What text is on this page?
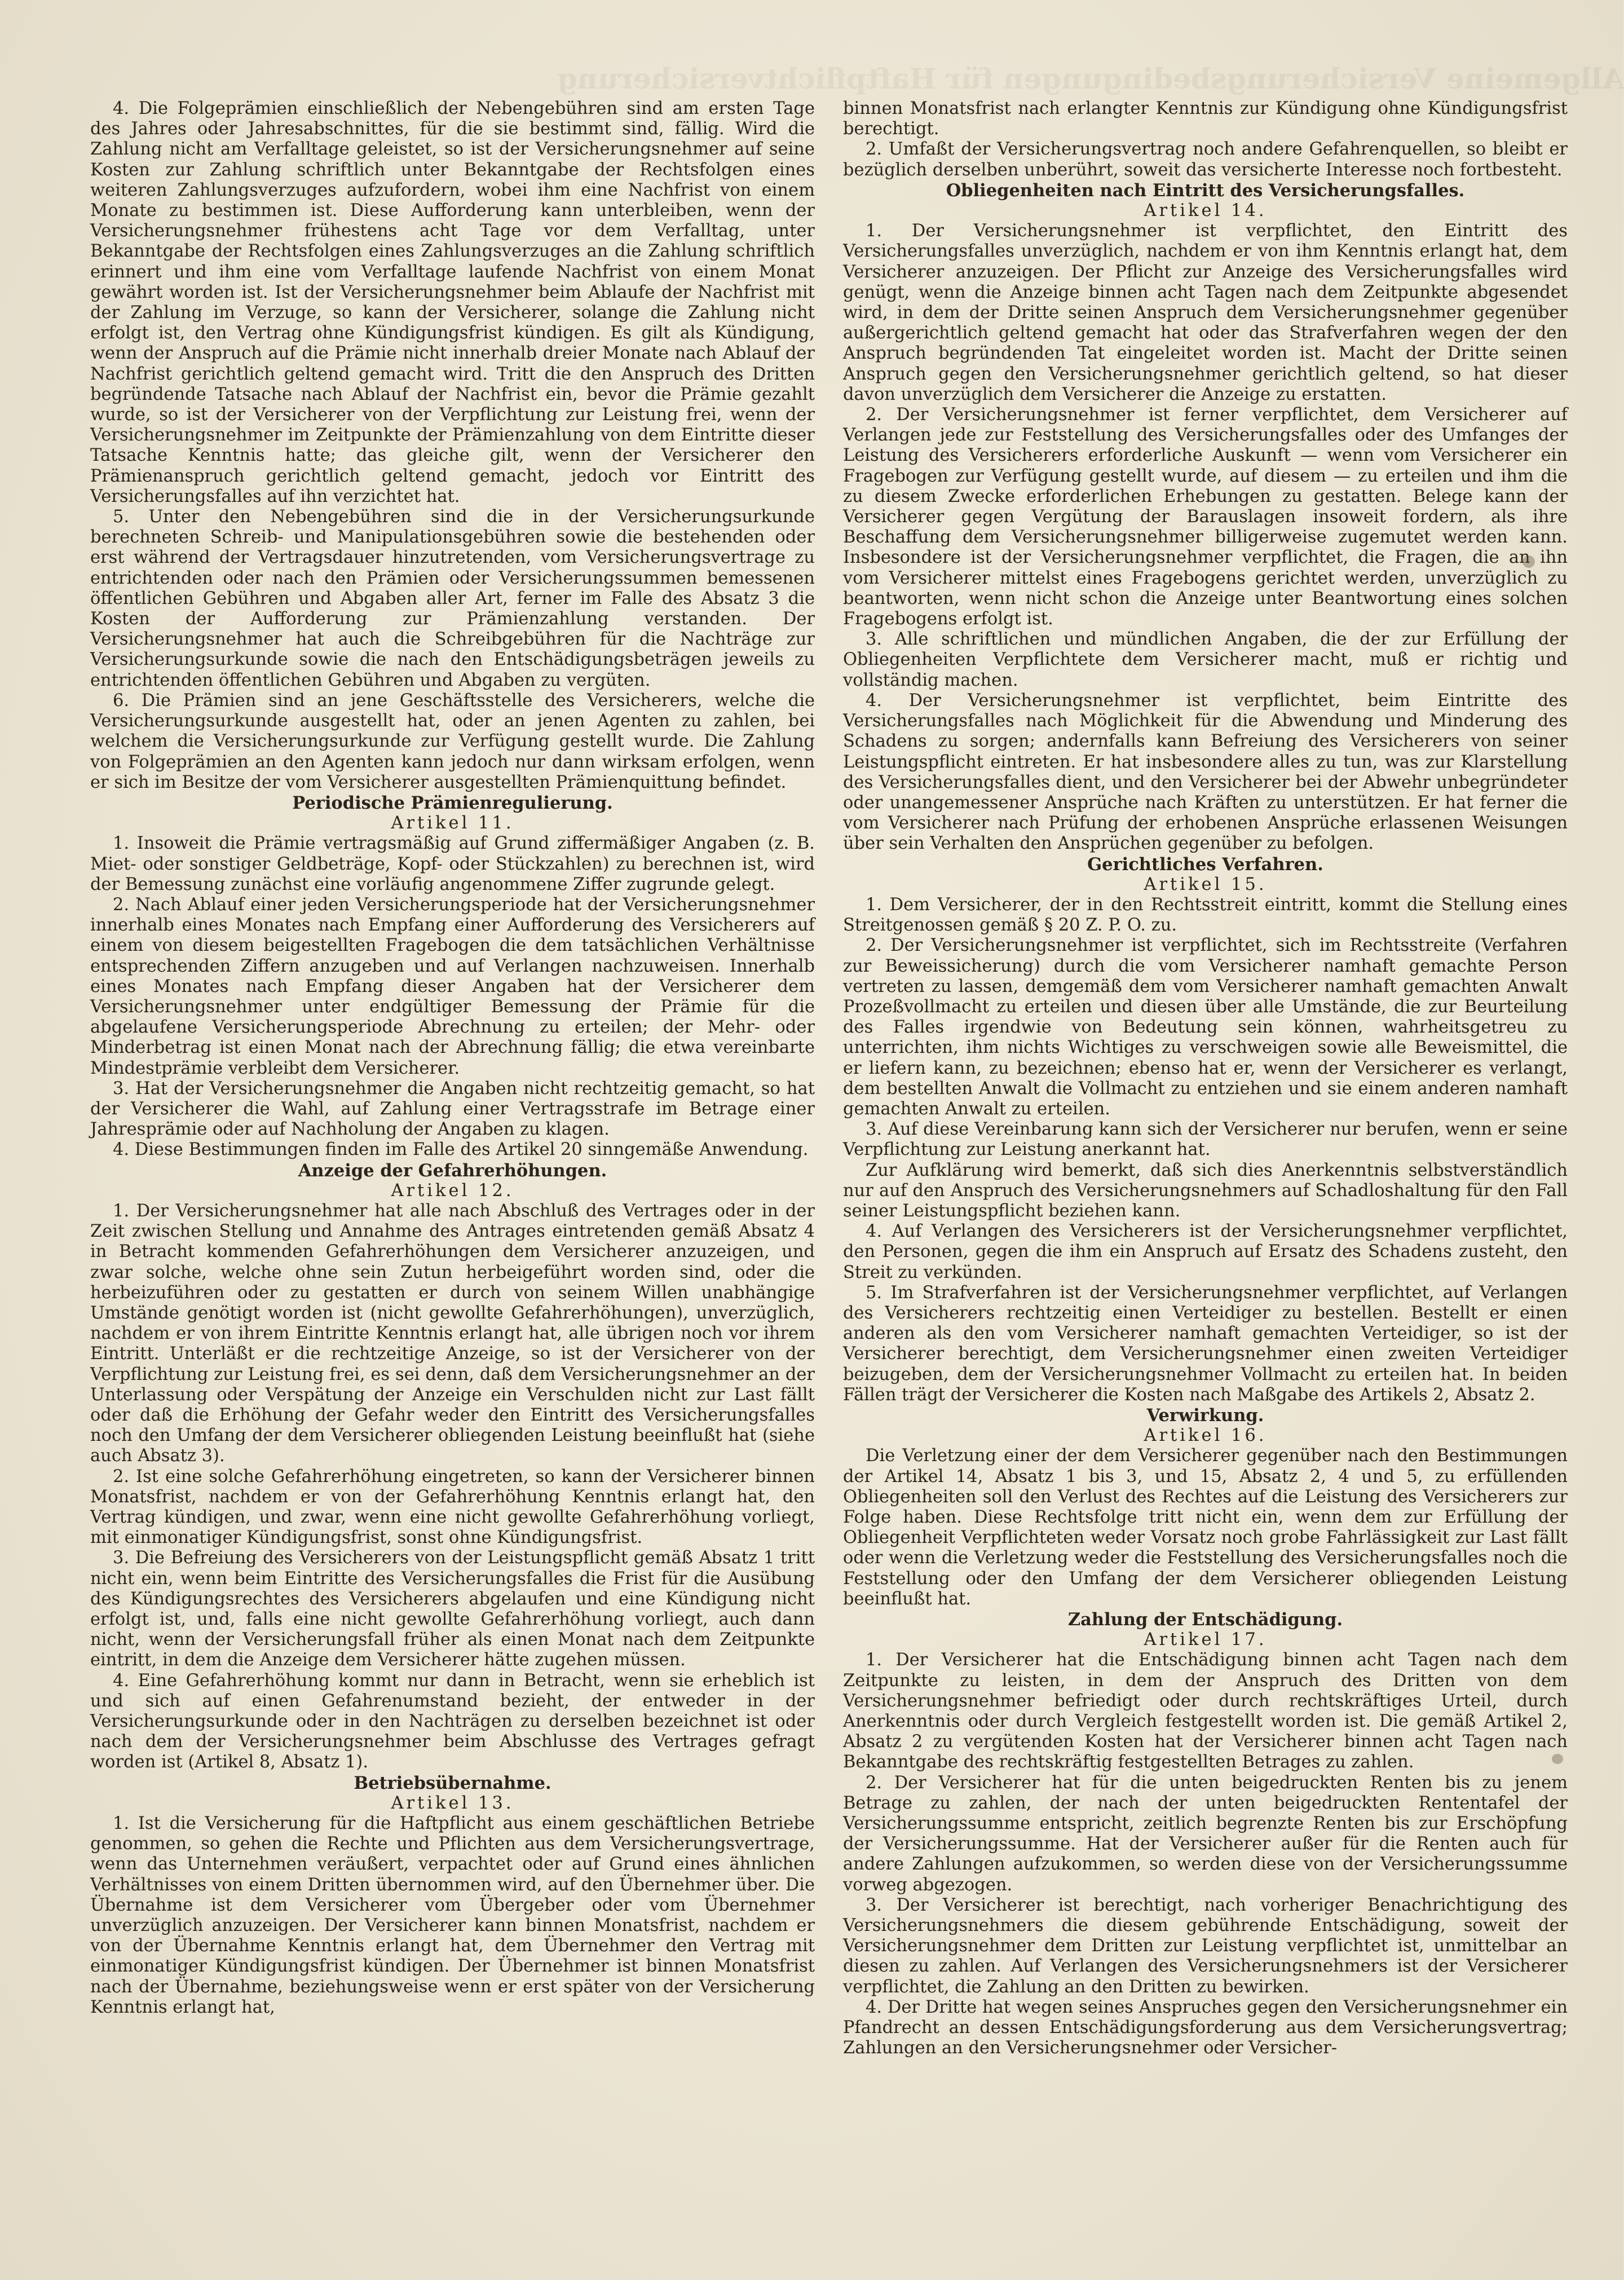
Allgemeine Versicherungsbedingungen für Haftpflichtversicherung

4. Die Folgeprämien einschließlich der Nebengebühren sind am ersten Tage des Jahres oder Jahresabschnittes, für die sie bestimmt sind, fällig. Wird die Zahlung nicht am Verfalltage geleistet, so ist der Versicherungsnehmer auf seine Kosten zur Zahlung schriftlich unter Bekanntgabe der Rechtsfolgen eines weiteren Zahlungsverzuges aufzufordern, wobei ihm eine Nachfrist von einem Monate zu bestimmen ist. Diese Aufforderung kann unterbleiben, wenn der Versicherungsnehmer frühestens acht Tage vor dem Verfalltag, unter Bekanntgabe der Rechtsfolgen eines Zahlungsverzuges an die Zahlung schriftlich erinnert und ihm eine vom Verfalltage laufende Nachfrist von einem Monat gewährt worden ist. Ist der Versicherungsnehmer beim Ablaufe der Nachfrist mit der Zahlung im Verzuge, so kann der Versicherer, solange die Zahlung nicht erfolgt ist, den Vertrag ohne Kündigungsfrist kündigen. Es gilt als Kündigung, wenn der Anspruch auf die Prämie nicht innerhalb dreier Monate nach Ablauf der Nachfrist gerichtlich geltend gemacht wird. Tritt die den Anspruch des Dritten begründende Tatsache nach Ablauf der Nachfrist ein, bevor die Prämie gezahlt wurde, so ist der Versicherer von der Verpflichtung zur Leistung frei, wenn der Versicherungsnehmer im Zeitpunkte der Prämienzahlung von dem Eintritte dieser Tatsache Kenntnis hatte; das gleiche gilt, wenn der Versicherer den Prämienanspruch gerichtlich geltend gemacht, jedoch vor Eintritt des Versicherungsfalles auf ihn verzichtet hat.

5. Unter den Nebengebühren sind die in der Versicherungsurkunde berechneten Schreib- und Manipulationsgebühren sowie die bestehenden oder erst während der Vertragsdauer hinzutretenden, vom Versicherungsvertrage zu entrichtenden oder nach den Prämien oder Versicherungssummen bemessenen öffentlichen Gebühren und Abgaben aller Art, ferner im Falle des Absatz 3 die Kosten der Aufforderung zur Prämienzahlung verstanden. Der Versicherungsnehmer hat auch die Schreibgebühren für die Nachträge zur Versicherungsurkunde sowie die nach den Entschädigungsbeträgen jeweils zu entrichtenden öffentlichen Gebühren und Abgaben zu vergüten.

6. Die Prämien sind an jene Geschäftsstelle des Versicherers, welche die Versicherungsurkunde ausgestellt hat, oder an jenen Agenten zu zahlen, bei welchem die Versicherungsurkunde zur Verfügung gestellt wurde. Die Zahlung von Folgeprämien an den Agenten kann jedoch nur dann wirksam erfolgen, wenn er sich im Besitze der vom Versicherer ausgestellten Prämienquittung befindet.

Periodische Prämienregulierung.
Artikel 11.

1. Insoweit die Prämie vertragsmäßig auf Grund ziffermäßiger Angaben (z. B. Miet- oder sonstiger Geldbeträge, Kopf- oder Stückzahlen) zu berechnen ist, wird der Bemessung zunächst eine vorläufig angenommene Ziffer zugrunde gelegt.

2. Nach Ablauf einer jeden Versicherungsperiode hat der Versicherungsnehmer innerhalb eines Monates nach Empfang einer Aufforderung des Versicherers auf einem von diesem beigestellten Fragebogen die dem tatsächlichen Verhältnisse entsprechenden Ziffern anzugeben und auf Verlangen nachzuweisen. Innerhalb eines Monates nach Empfang dieser Angaben hat der Versicherer dem Versicherungsnehmer unter endgültiger Bemessung der Prämie für die abgelaufene Versicherungsperiode Abrechnung zu erteilen; der Mehr- oder Minderbetrag ist einen Monat nach der Abrechnung fällig; die etwa vereinbarte Mindestprämie verbleibt dem Versicherer.

3. Hat der Versicherungsnehmer die Angaben nicht rechtzeitig gemacht, so hat der Versicherer die Wahl, auf Zahlung einer Vertragsstrafe im Betrage einer Jahresprämie oder auf Nachholung der Angaben zu klagen.

4. Diese Bestimmungen finden im Falle des Artikel 20 sinngemäße Anwendung.

Anzeige der Gefahrerhöhungen.
Artikel 12.

1. Der Versicherungsnehmer hat alle nach Abschluß des Vertrages oder in der Zeit zwischen Stellung und Annahme des Antrages eintretenden gemäß Absatz 4 in Betracht kommenden Gefahrerhöhungen dem Versicherer anzuzeigen, und zwar solche, welche ohne sein Zutun herbeigeführt worden sind, oder die herbeizuführen oder zu gestatten er durch von seinem Willen unabhängige Umstände genötigt worden ist (nicht gewollte Gefahrerhöhungen), unverzüglich, nachdem er von ihrem Eintritte Kenntnis erlangt hat, alle übrigen noch vor ihrem Eintritt. Unterläßt er die rechtzeitige Anzeige, so ist der Versicherer von der Verpflichtung zur Leistung frei, es sei denn, daß dem Versicherungsnehmer an der Unterlassung oder Verspätung der Anzeige ein Verschulden nicht zur Last fällt oder daß die Erhöhung der Gefahr weder den Eintritt des Versicherungsfalles noch den Umfang der dem Versicherer obliegenden Leistung beeinflußt hat (siehe auch Absatz 3).

2. Ist eine solche Gefahrerhöhung eingetreten, so kann der Versicherer binnen Monatsfrist, nachdem er von der Gefahrerhöhung Kenntnis erlangt hat, den Vertrag kündigen, und zwar, wenn eine nicht gewollte Gefahrerhöhung vorliegt, mit einmonatiger Kündigungsfrist, sonst ohne Kündigungsfrist.

3. Die Befreiung des Versicherers von der Leistungspflicht gemäß Absatz 1 tritt nicht ein, wenn beim Eintritte des Versicherungsfalles die Frist für die Ausübung des Kündigungsrechtes des Versicherers abgelaufen und eine Kündigung nicht erfolgt ist, und, falls eine nicht gewollte Gefahrerhöhung vorliegt, auch dann nicht, wenn der Versicherungsfall früher als einen Monat nach dem Zeitpunkte eintritt, in dem die Anzeige dem Versicherer hätte zugehen müssen.

4. Eine Gefahrerhöhung kommt nur dann in Betracht, wenn sie erheblich ist und sich auf einen Gefahrenumstand bezieht, der entweder in der Versicherungsurkunde oder in den Nachträgen zu derselben bezeichnet ist oder nach dem der Versicherungsnehmer beim Abschlusse des Vertrages gefragt worden ist (Artikel 8, Absatz 1).

Betriebsübernahme.
Artikel 13.

1. Ist die Versicherung für die Haftpflicht aus einem geschäftlichen Betriebe genommen, so gehen die Rechte und Pflichten aus dem Versicherungsvertrage, wenn das Unternehmen veräußert, verpachtet oder auf Grund eines ähnlichen Verhältnisses von einem Dritten übernommen wird, auf den Übernehmer über. Die Übernahme ist dem Versicherer vom Übergeber oder vom Übernehmer unverzüglich anzuzeigen. Der Versicherer kann binnen Monatsfrist, nachdem er von der Übernahme Kenntnis erlangt hat, dem Übernehmer den Vertrag mit einmonatiger Kündigungsfrist kündigen. Der Übernehmer ist binnen Monatsfrist nach der Übernahme, beziehungsweise wenn er erst später von der Versicherung Kenntnis erlangt hat,

binnen Monatsfrist nach erlangter Kenntnis zur Kündigung ohne Kündigungsfrist berechtigt.

2. Umfaßt der Versicherungsvertrag noch andere Gefahrenquellen, so bleibt er bezüglich derselben unberührt, soweit das versicherte Interesse noch fortbesteht.

Obliegenheiten nach Eintritt des Versicherungsfalles.
Artikel 14.

1. Der Versicherungsnehmer ist verpflichtet, den Eintritt des Versicherungsfalles unverzüglich, nachdem er von ihm Kenntnis erlangt hat, dem Versicherer anzuzeigen. Der Pflicht zur Anzeige des Versicherungsfalles wird genügt, wenn die Anzeige binnen acht Tagen nach dem Zeitpunkte abgesendet wird, in dem der Dritte seinen Anspruch dem Versicherungsnehmer gegenüber außergerichtlich geltend gemacht hat oder das Strafverfahren wegen der den Anspruch begründenden Tat eingeleitet worden ist. Macht der Dritte seinen Anspruch gegen den Versicherungsnehmer gerichtlich geltend, so hat dieser davon unverzüglich dem Versicherer die Anzeige zu erstatten.

2. Der Versicherungsnehmer ist ferner verpflichtet, dem Versicherer auf Verlangen jede zur Feststellung des Versicherungsfalles oder des Umfanges der Leistung des Versicherers erforderliche Auskunft — wenn vom Versicherer ein Fragebogen zur Verfügung gestellt wurde, auf diesem — zu erteilen und ihm die zu diesem Zwecke erforderlichen Erhebungen zu gestatten. Belege kann der Versicherer gegen Vergütung der Barauslagen insoweit fordern, als ihre Beschaffung dem Versicherungsnehmer billigerweise zugemutet werden kann. Insbesondere ist der Versicherungsnehmer verpflichtet, die Fragen, die an ihn vom Versicherer mittelst eines Fragebogens gerichtet werden, unverzüglich zu beantworten, wenn nicht schon die Anzeige unter Beantwortung eines solchen Fragebogens erfolgt ist.

3. Alle schriftlichen und mündlichen Angaben, die der zur Erfüllung der Obliegenheiten Verpflichtete dem Versicherer macht, muß er richtig und vollständig machen.

4. Der Versicherungsnehmer ist verpflichtet, beim Eintritte des Versicherungsfalles nach Möglichkeit für die Abwendung und Minderung des Schadens zu sorgen; andernfalls kann Befreiung des Versicherers von seiner Leistungspflicht eintreten. Er hat insbesondere alles zu tun, was zur Klarstellung des Versicherungsfalles dient, und den Versicherer bei der Abwehr unbegründeter oder unangemessener Ansprüche nach Kräften zu unterstützen. Er hat ferner die vom Versicherer nach Prüfung der erhobenen Ansprüche erlassenen Weisungen über sein Verhalten den Ansprüchen gegenüber zu befolgen.

Gerichtliches Verfahren.
Artikel 15.

1. Dem Versicherer, der in den Rechtsstreit eintritt, kommt die Stellung eines Streitgenossen gemäß § 20 Z. P. O. zu.

2. Der Versicherungsnehmer ist verpflichtet, sich im Rechtsstreite (Verfahren zur Beweissicherung) durch die vom Versicherer namhaft gemachte Person vertreten zu lassen, demgemäß dem vom Versicherer namhaft gemachten Anwalt Prozeßvollmacht zu erteilen und diesen über alle Umstände, die zur Beurteilung des Falles irgendwie von Bedeutung sein können, wahrheitsgetreu zu unterrichten, ihm nichts Wichtiges zu verschweigen sowie alle Beweismittel, die er liefern kann, zu bezeichnen; ebenso hat er, wenn der Versicherer es verlangt, dem bestellten Anwalt die Vollmacht zu entziehen und sie einem anderen namhaft gemachten Anwalt zu erteilen.

3. Auf diese Vereinbarung kann sich der Versicherer nur berufen, wenn er seine Verpflichtung zur Leistung anerkannt hat.

Zur Aufklärung wird bemerkt, daß sich dies Anerkenntnis selbstverständlich nur auf den Anspruch des Versicherungsnehmers auf Schadloshaltung für den Fall seiner Leistungspflicht beziehen kann.

4. Auf Verlangen des Versicherers ist der Versicherungsnehmer verpflichtet, den Personen, gegen die ihm ein Anspruch auf Ersatz des Schadens zusteht, den Streit zu verkünden.

5. Im Strafverfahren ist der Versicherungsnehmer verpflichtet, auf Verlangen des Versicherers rechtzeitig einen Verteidiger zu bestellen. Bestellt er einen anderen als den vom Versicherer namhaft gemachten Verteidiger, so ist der Versicherer berechtigt, dem Versicherungsnehmer einen zweiten Verteidiger beizugeben, dem der Versicherungsnehmer Vollmacht zu erteilen hat. In beiden Fällen trägt der Versicherer die Kosten nach Maßgabe des Artikels 2, Absatz 2.

Verwirkung.
Artikel 16.

Die Verletzung einer der dem Versicherer gegenüber nach den Bestimmungen der Artikel 14, Absatz 1 bis 3, und 15, Absatz 2, 4 und 5, zu erfüllenden Obliegenheiten soll den Verlust des Rechtes auf die Leistung des Versicherers zur Folge haben. Diese Rechtsfolge tritt nicht ein, wenn dem zur Erfüllung der Obliegenheit Verpflichteten weder Vorsatz noch grobe Fahrlässigkeit zur Last fällt oder wenn die Verletzung weder die Feststellung des Versicherungsfalles noch die Feststellung oder den Umfang der dem Versicherer obliegenden Leistung beeinflußt hat.

Zahlung der Entschädigung.
Artikel 17.

1. Der Versicherer hat die Entschädigung binnen acht Tagen nach dem Zeitpunkte zu leisten, in dem der Anspruch des Dritten von dem Versicherungsnehmer befriedigt oder durch rechtskräftiges Urteil, durch Anerkenntnis oder durch Vergleich festgestellt worden ist. Die gemäß Artikel 2, Absatz 2 zu vergütenden Kosten hat der Versicherer binnen acht Tagen nach Bekanntgabe des rechtskräftig festgestellten Betrages zu zahlen.

2. Der Versicherer hat für die unten beigedruckten Renten bis zu jenem Betrage zu zahlen, der nach der unten beigedruckten Rententafel der Versicherungssumme entspricht, zeitlich begrenzte Renten bis zur Erschöpfung der Versicherungssumme. Hat der Versicherer außer für die Renten auch für andere Zahlungen aufzukommen, so werden diese von der Versicherungssumme vorweg abgezogen.

3. Der Versicherer ist berechtigt, nach vorheriger Benachrichtigung des Versicherungsnehmers die diesem gebührende Entschädigung, soweit der Versicherungsnehmer dem Dritten zur Leistung verpflichtet ist, unmittelbar an diesen zu zahlen. Auf Verlangen des Versicherungsnehmers ist der Versicherer verpflichtet, die Zahlung an den Dritten zu bewirken.

4. Der Dritte hat wegen seines Anspruches gegen den Versicherungsnehmer ein Pfandrecht an dessen Entschädigungsforderung aus dem Versicherungsvertrag; Zahlungen an den Versicherungsnehmer oder Versicher-
